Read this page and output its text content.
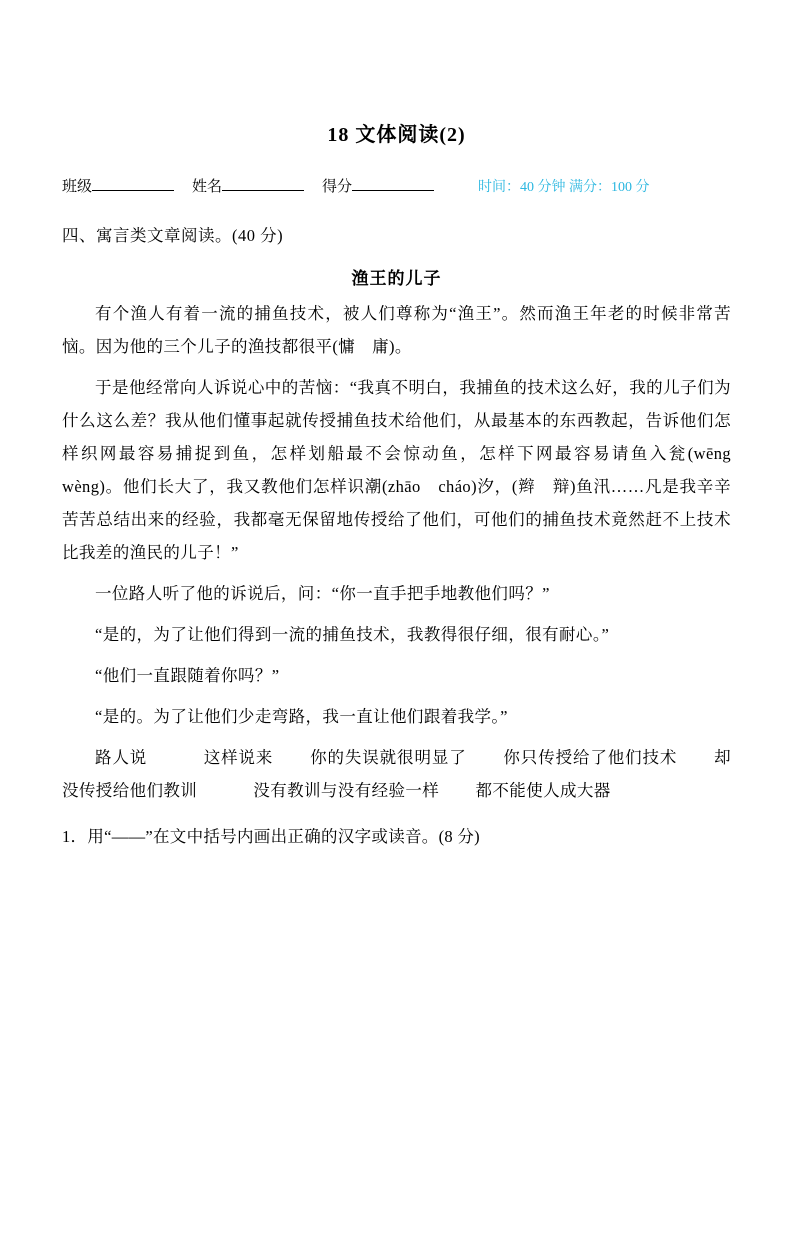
18 文体阅读(2)
班级	姓名	得分	时间：40 分钟 满分：100 分
四、寓言类文章阅读。(40 分)
渔王的儿子
有个渔人有着一流的捕鱼技术，被人们尊称为“渔王”。然而渔王年老的时候非常苦恼。因为他的三个儿子的渔技都很平(慵　庸)。
于是他经常向人诉说心中的苦恼：“我真不明白，我捕鱼的技术这么好，我的儿子们为什么这么差？我从他们懂事起就传授捕鱼技术给他们，从最基本的东西教起，告诉他们怎样织网最容易捕捉到鱼，怎样划船最不会惊动鱼，怎样下网最容易请鱼入瓮(wēng　wèng)。他们长大了，我又教他们怎样识潮(zhāo　cháo)汐，(辫　辩)鱼汛……凡是我辛辛苦苦总结出来的经验，我都毫无保留地传授给了他们，可他们的捕鱼技术竟然赶不上技术比我差的渔民的儿子！”
一位路人听了他的诉说后，问：“你一直手把手地教他们吗？”
“是的，为了让他们得到一流的捕鱼技术，我教得很仔细，很有耐心。”
“他们一直跟随着你吗？”
“是的。为了让他们少走弯路，我一直让他们跟着我学。”
路人说	这样说来 你的失误就很明显了 你只传授给了他们技术 却没传授给他们教训	没有教训与没有经验一样 都不能使人成大器
1．用“——”在文中括号内画出正确的汉字或读音。(8 分)
